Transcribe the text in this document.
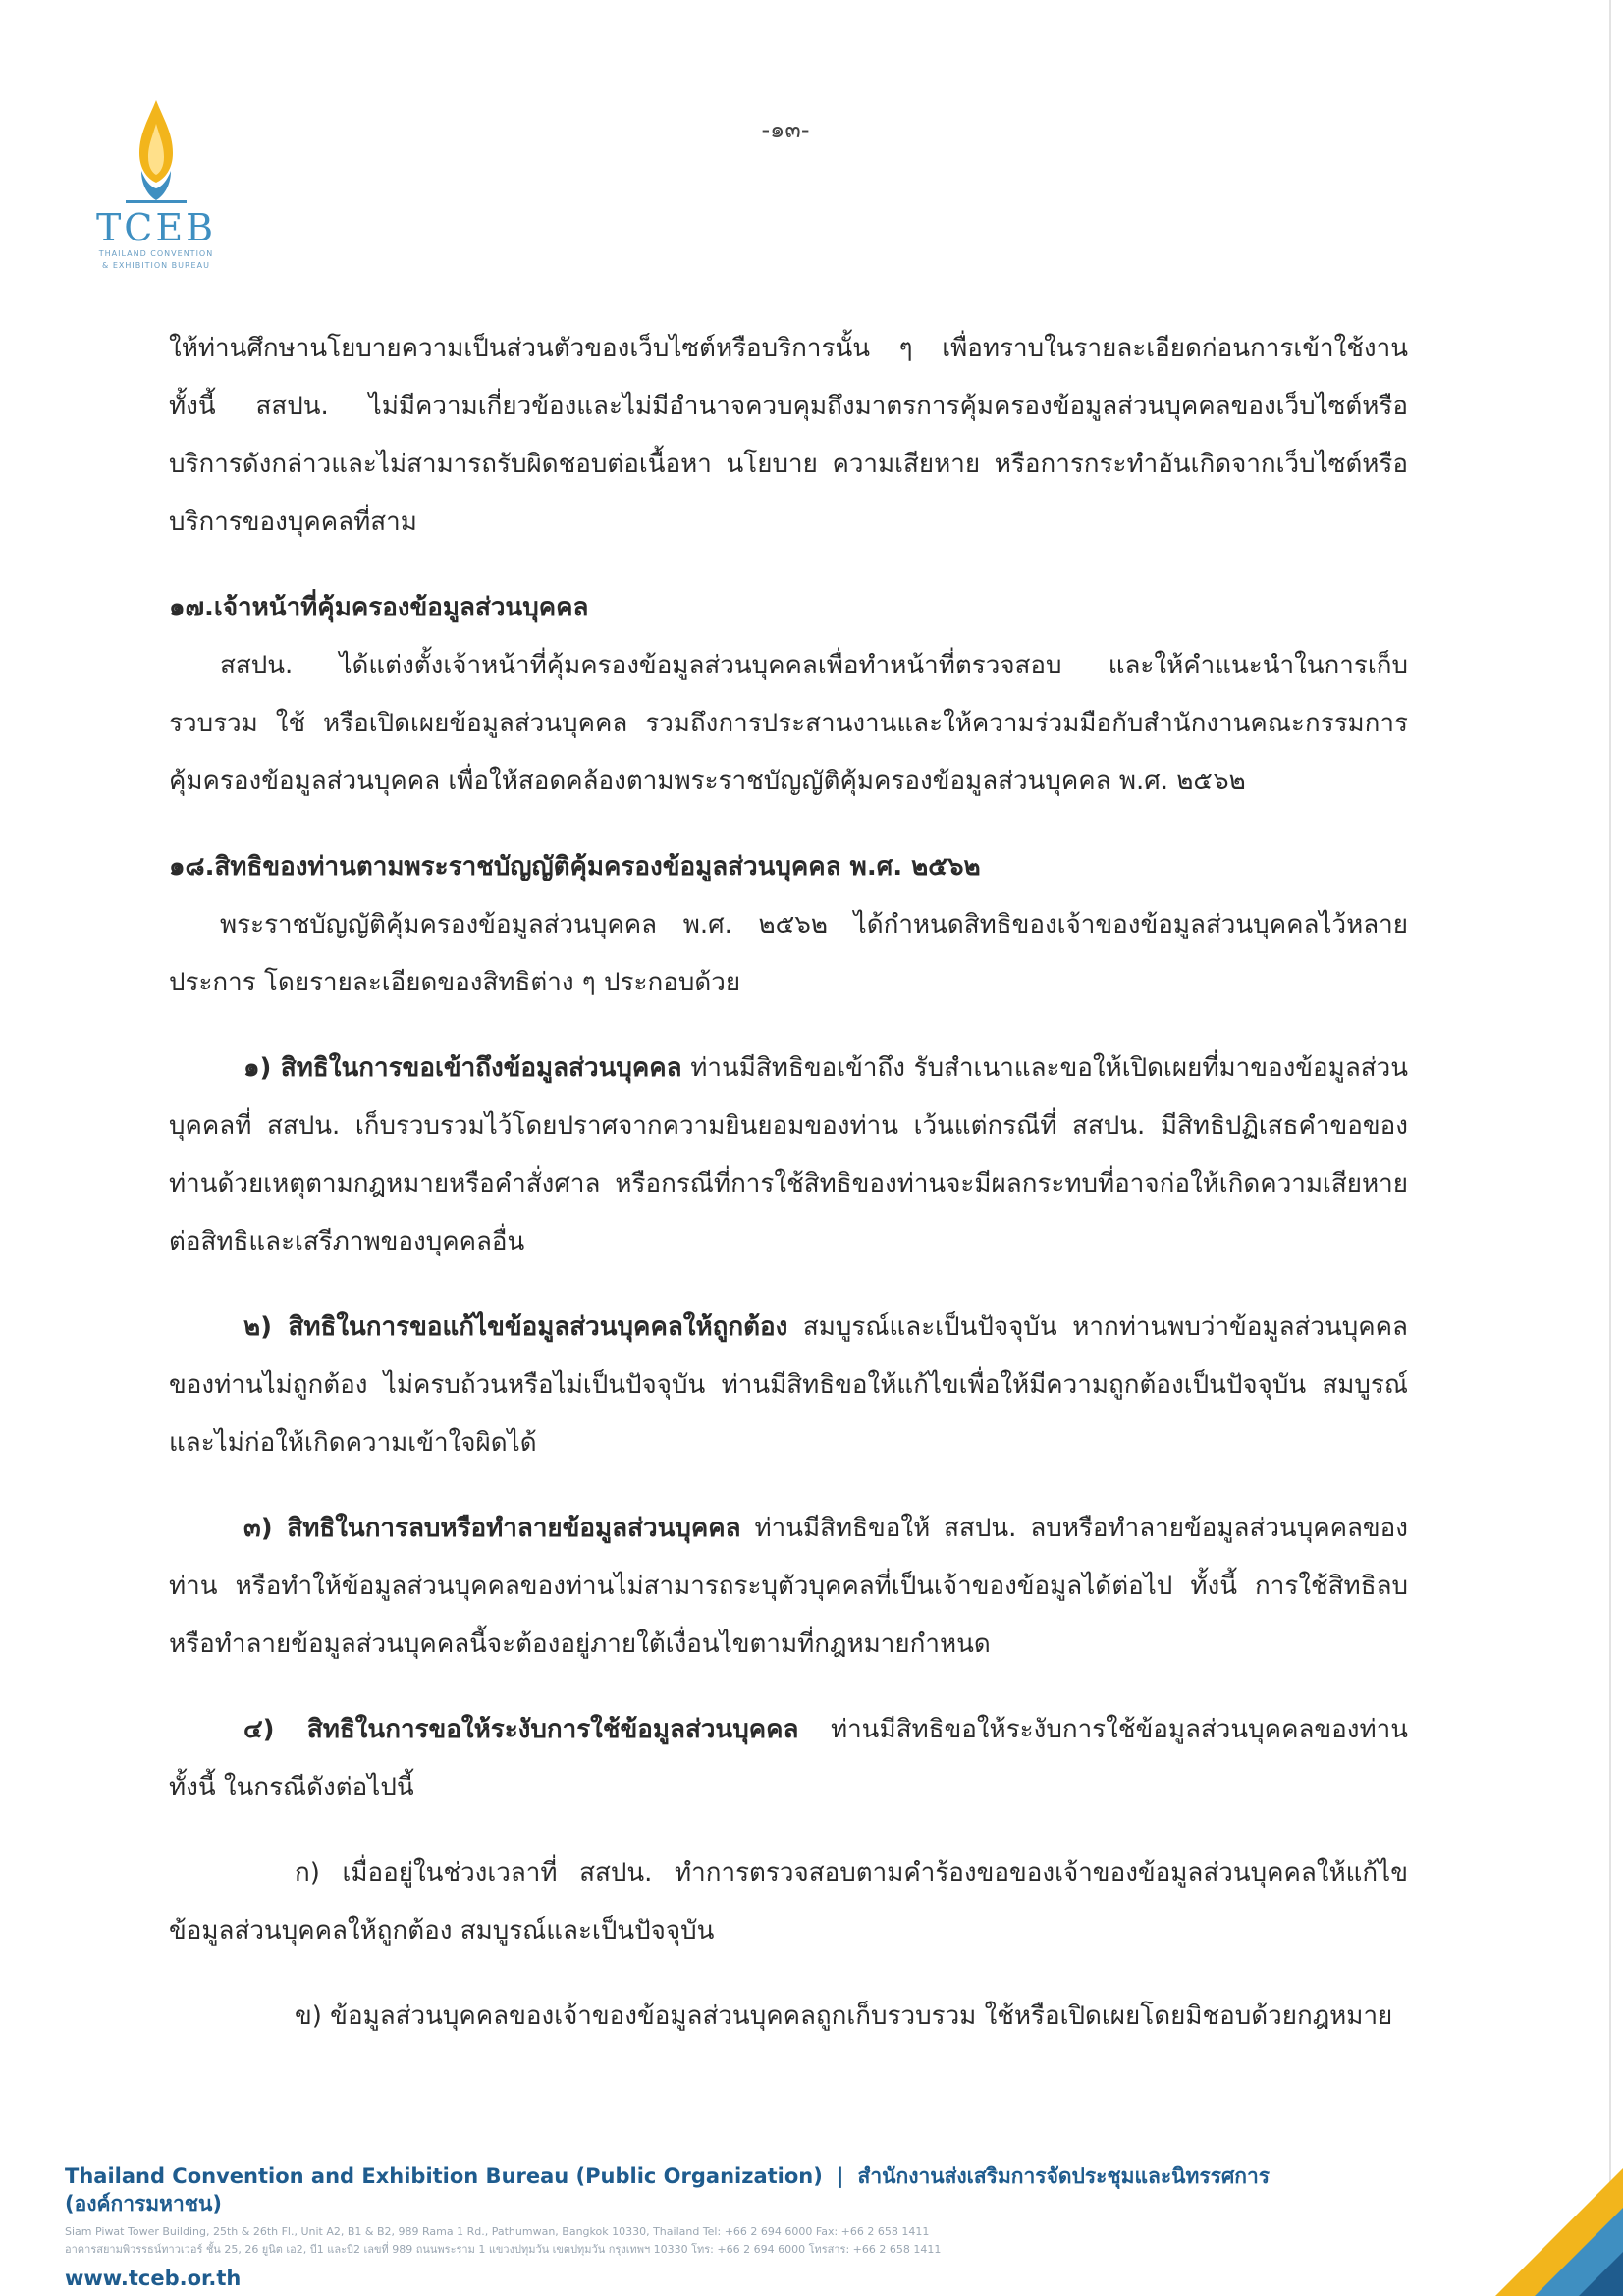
TCEB
THAILAND CONVENTION
& EXHIBITION BUREAU
-๑๓-

ให้ท่านศึกษานโยบายความเป็นส่วนตัวของเว็บไซต์หรือบริการนั้น ๆ เพื่อทราบในรายละเอียดก่อนการเข้าใช้งาน ทั้งนี้ สสปน. ไม่มีความเกี่ยวข้องและไม่มีอำนาจควบคุมถึงมาตรการคุ้มครองข้อมูลส่วนบุคคลของเว็บไซต์หรือบริการดังกล่าวและไม่สามารถรับผิดชอบต่อเนื้อหา นโยบาย ความเสียหาย หรือการกระทำอันเกิดจากเว็บไซต์หรือบริการของบุคคลที่สาม

๑๗.เจ้าหน้าที่คุ้มครองข้อมูลส่วนบุคคล

สสปน. ได้แต่งตั้งเจ้าหน้าที่คุ้มครองข้อมูลส่วนบุคคลเพื่อทำหน้าที่ตรวจสอบ และให้คำแนะนำในการเก็บรวบรวม ใช้ หรือเปิดเผยข้อมูลส่วนบุคคล รวมถึงการประสานงานและให้ความร่วมมือกับสำนักงานคณะกรรมการคุ้มครองข้อมูลส่วนบุคคล เพื่อให้สอดคล้องตามพระราชบัญญัติคุ้มครองข้อมูลส่วนบุคคล พ.ศ. ๒๕๖๒

๑๘.สิทธิของท่านตามพระราชบัญญัติคุ้มครองข้อมูลส่วนบุคคล พ.ศ. ๒๕๖๒

พระราชบัญญัติคุ้มครองข้อมูลส่วนบุคคล พ.ศ. ๒๕๖๒ ได้กำหนดสิทธิของเจ้าของข้อมูลส่วนบุคคลไว้หลายประการ โดยรายละเอียดของสิทธิต่าง ๆ ประกอบด้วย

๑) สิทธิในการขอเข้าถึงข้อมูลส่วนบุคคล ท่านมีสิทธิขอเข้าถึง รับสำเนาและขอให้เปิดเผยที่มาของข้อมูลส่วนบุคคลที่ สสปน. เก็บรวบรวมไว้โดยปราศจากความยินยอมของท่าน เว้นแต่กรณีที่ สสปน. มีสิทธิปฏิเสธคำขอของท่านด้วยเหตุตามกฎหมายหรือคำสั่งศาล หรือกรณีที่การใช้สิทธิของท่านจะมีผลกระทบที่อาจก่อให้เกิดความเสียหายต่อสิทธิและเสรีภาพของบุคคลอื่น

๒) สิทธิในการขอแก้ไขข้อมูลส่วนบุคคลให้ถูกต้อง สมบูรณ์และเป็นปัจจุบัน หากท่านพบว่าข้อมูลส่วนบุคคลของท่านไม่ถูกต้อง ไม่ครบถ้วนหรือไม่เป็นปัจจุบัน ท่านมีสิทธิขอให้แก้ไขเพื่อให้มีความถูกต้องเป็นปัจจุบัน สมบูรณ์ และไม่ก่อให้เกิดความเข้าใจผิดได้

๓) สิทธิในการลบหรือทำลายข้อมูลส่วนบุคคล ท่านมีสิทธิขอให้ สสปน. ลบหรือทำลายข้อมูลส่วนบุคคลของท่าน หรือทำให้ข้อมูลส่วนบุคคลของท่านไม่สามารถระบุตัวบุคคลที่เป็นเจ้าของข้อมูลได้ต่อไป ทั้งนี้ การใช้สิทธิลบหรือทำลายข้อมูลส่วนบุคคลนี้จะต้องอยู่ภายใต้เงื่อนไขตามที่กฎหมายกำหนด

๔) สิทธิในการขอให้ระงับการใช้ข้อมูลส่วนบุคคล ท่านมีสิทธิขอให้ระงับการใช้ข้อมูลส่วนบุคคลของท่าน ทั้งนี้ ในกรณีดังต่อไปนี้

ก) เมื่ออยู่ในช่วงเวลาที่ สสปน. ทำการตรวจสอบตามคำร้องขอของเจ้าของข้อมูลส่วนบุคคลให้แก้ไขข้อมูลส่วนบุคคลให้ถูกต้อง สมบูรณ์และเป็นปัจจุบัน

ข) ข้อมูลส่วนบุคคลของเจ้าของข้อมูลส่วนบุคคลถูกเก็บรวบรวม ใช้หรือเปิดเผยโดยมิชอบด้วยกฎหมาย

Thailand Convention and Exhibition Bureau (Public Organization) | สำนักงานส่งเสริมการจัดประชุมและนิทรรศการ (องค์การมหาชน)
Siam Piwat Tower Building, 25th & 26th Fl., Unit A2, B1 & B2, 989 Rama 1 Rd., Pathumwan, Bangkok 10330, Thailand Tel: +66 2 694 6000 Fax: +66 2 658 1411
อาคารสยามพิวรรธน์ทาวเวอร์ ชั้น 25, 26 ยูนิต เอ2, บี1 และบี2 เลขที่ 989 ถนนพระราม 1 แขวงปทุมวัน เขตปทุมวัน กรุงเทพฯ 10330 โทร: +66 2 694 6000 โทรสาร: +66 2 658 1411
www.tceb.or.th
